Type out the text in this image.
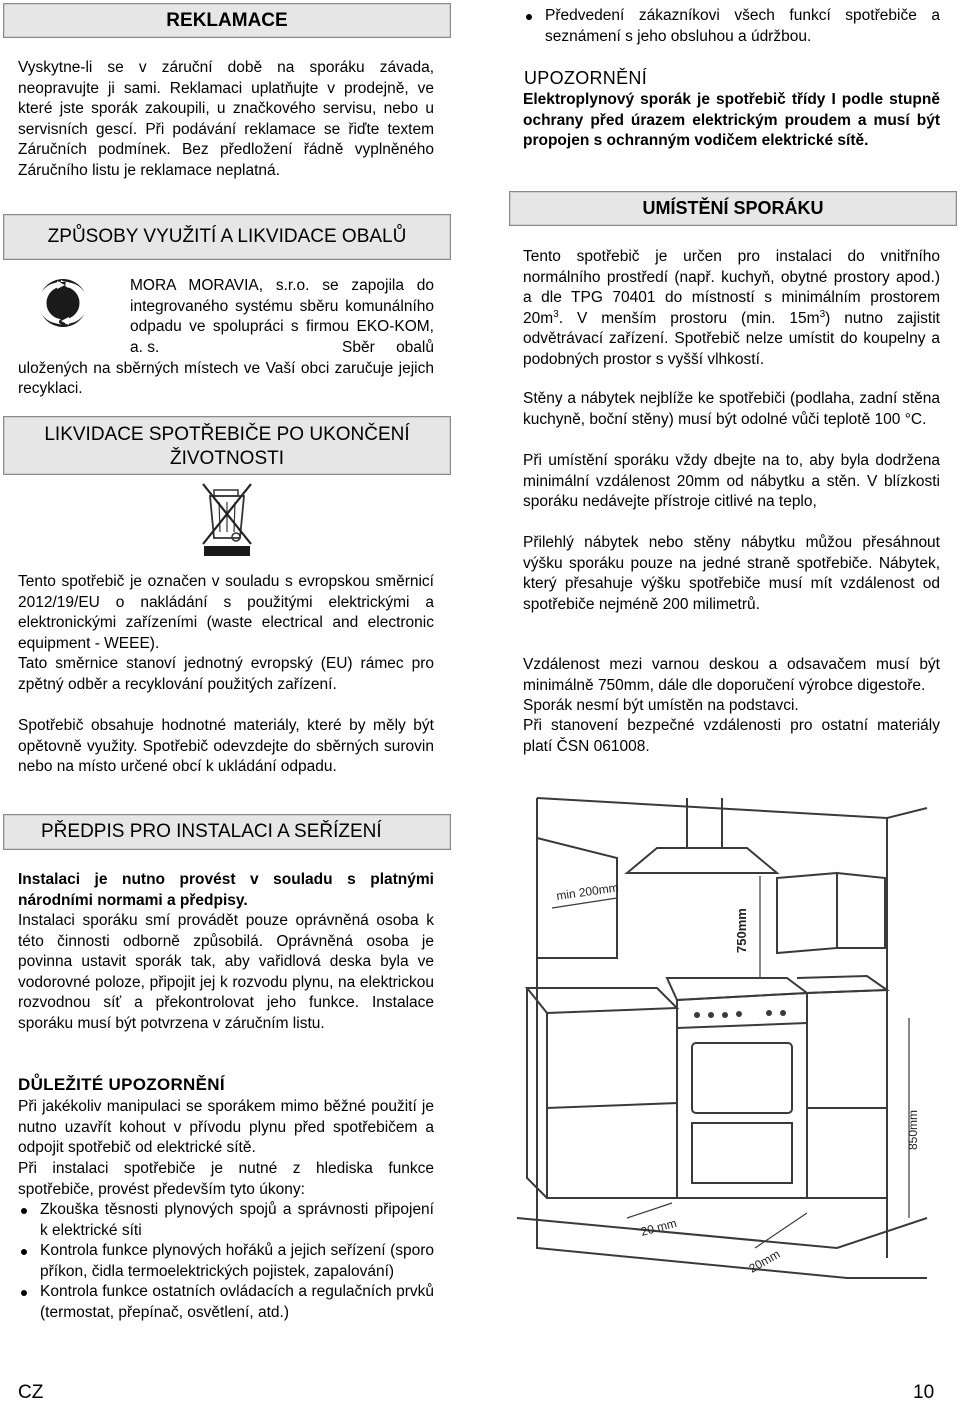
REKLAMACE
Vyskytne-li se v záruční době na sporáku závada, neopravujte ji sami. Reklamaci uplatňujte v prodejně, ve které jste sporák zakoupili, u značkového servisu, nebo u servisních gescí. Při podávání reklamace se řiďte textem Záručních podmínek. Bez předložení řádně vyplněného Záručního listu je reklamace neplatná.
ZPŮSOBY VYUŽITÍ A LIKVIDACE OBALŮ
MORA MORAVIA, s.r.o. se zapojila do integrovaného systému sběru komunálního odpadu ve spolupráci s firmou EKO-KOM, a. s.	Sběr obalů uložených na sběrných místech ve Vaší obci zaručuje jejich recyklaci.
LIKVIDACE SPOTŘEBIČE PO UKONČENÍ
ŽIVOTNOSTI
Tento spotřebič je označen v souladu s evropskou směrnicí 2012/19/EU o nakládání s použitými elektrickými a elektronickými zařízeními (waste electrical and electronic equipment - WEEE).
Tato směrnice stanoví jednotný evropský (EU) rámec pro zpětný odběr a recyklování použitých zařízení.
Spotřebič obsahuje hodnotné materiály, které by měly být opětovně využity. Spotřebič odevzdejte do sběrných surovin nebo na místo určené obcí k ukládání odpadu.
PŘEDPIS PRO INSTALACI A SEŘÍZENÍ
Instalaci je nutno provést v souladu s platnými národními normami a předpisy.
Instalaci sporáku smí provádět pouze oprávněná osoba k této činnosti odborně způsobilá. Oprávněná osoba je povinna ustavit sporák tak, aby vařidlová deska byla ve vodorovné poloze, připojit jej k rozvodu plynu, na elektrickou rozvodnou síť a překontrolovat jeho funkce. Instalace sporáku musí být potvrzena v záručním listu.
DŮLEŽITÉ UPOZORNĚNÍ
Při jakékoliv manipulaci se sporákem mimo běžné použití je nutno uzavřít kohout v přívodu plynu před spotřebičem a odpojit spotřebič od elektrické sítě.
Při instalaci spotřebiče je nutné z hlediska funkce spotřebiče, provést především tyto úkony:
Zkouška těsnosti plynových spojů a správnosti připojení k elektrické síti
Kontrola funkce plynových hořáků a jejich seřízení (sporo příkon, čidla termoelektrických pojistek, zapalování)
Kontrola funkce ostatních ovládacích a regulačních prvků (termostat, přepínač, osvětlení, atd.)
Předvedení zákazníkovi všech funkcí spotřebiče a seznámení s jeho obsluhou a údržbou.
UPOZORNĚNÍ
Elektroplynový sporák je spotřebič třídy I podle stupně ochrany před úrazem elektrickým proudem a musí být propojen s ochranným vodičem elektrické sítě.
UMÍSTĚNÍ SPORÁKU
Tento spotřebič je určen pro instalaci do vnitřního normálního prostředí (např. kuchyň, obytné prostory apod.) a dle TPG 70401 do místností s minimálním prostorem $20m^3$. V menším prostoru (min. $15m^3$) nutno zajistit odvětrávací zařízení. Spotřebič nelze umístit do koupelny a podobných prostor s vyšší vlhkostí.
Stěny a nábytek nejblíže ke spotřebiči (podlaha, zadní stěna kuchyně, boční stěny) musí být odolné vůči teplotě 100 °C.
Při umístění sporáku vždy dbejte na to, aby byla dodržena minimální vzdálenost 20mm od nábytku a stěn. V blízkosti sporáku nedávejte přístroje citlivé na teplo,
Přilehlý nábytek nebo stěny nábytku můžou přesáhnout výšku sporáku pouze na jedné straně spotřebiče. Nábytek, který přesahuje výšku spotřebiče musí mít vzdálenost od spotřebiče nejméně 200 milimetrů.
Vzdálenost mezi varnou deskou a odsavačem musí být minimálně 750mm, dále dle doporučení výrobce digestoře.
Sporák nesmí být umístěn na podstavci.
Při stanovení bezpečné vzdálenosti pro ostatní materiály platí ČSN 061008.
min 200mm
750mm
850mm
20 mm
20mm
CZ	10
